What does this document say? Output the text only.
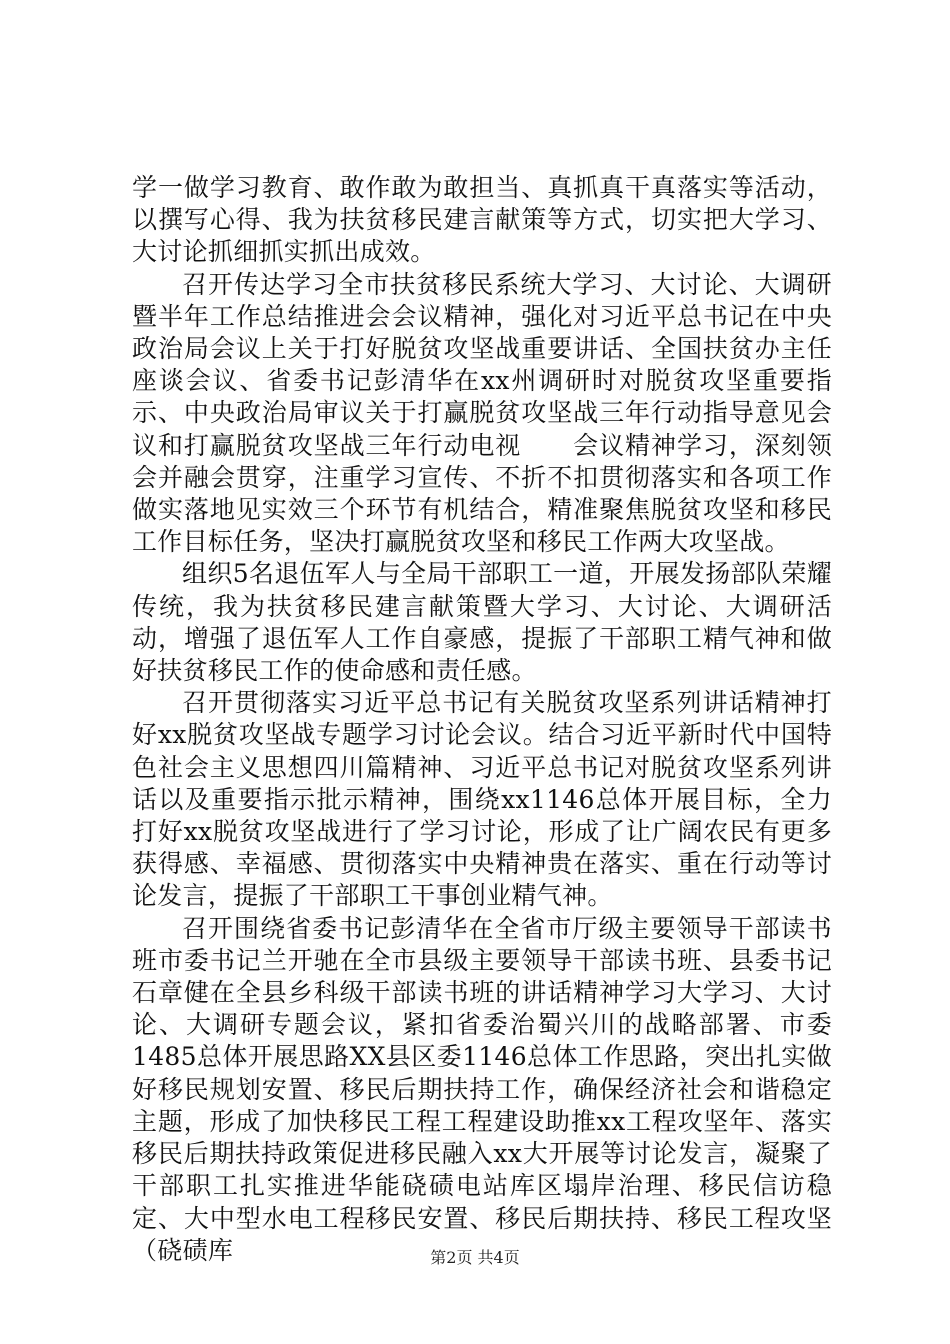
学一做学习教育、敢作敢为敢担当、真抓真干真落实等活动，以撰写心得、我为扶贫移民建言献策等方式，切实把大学习、大讨论抓细抓实抓出成效。

召开传达学习全市扶贫移民系统大学习、大讨论、大调研暨半年工作总结推进会会议精神，强化对习近平总书记在中央政治局会议上关于打好脱贫攻坚战重要讲话、全国扶贫办主任座谈会议、省委书记彭清华在xx州调研时对脱贫攻坚重要指示、中央政治局审议关于打赢脱贫攻坚战三年行动指导意见会议和打赢脱贫攻坚战三年行动电视　　会议精神学习，深刻领会并融会贯穿，注重学习宣传、不折不扣贯彻落实和各项工作做实落地见实效三个环节有机结合，精准聚焦脱贫攻坚和移民工作目标任务，坚决打赢脱贫攻坚和移民工作两大攻坚战。

组织5名退伍军人与全局干部职工一道，开展发扬部队荣耀传统，我为扶贫移民建言献策暨大学习、大讨论、大调研活动，增强了退伍军人工作自豪感，提振了干部职工精气神和做好扶贫移民工作的使命感和责任感。

召开贯彻落实习近平总书记有关脱贫攻坚系列讲话精神打好xx脱贫攻坚战专题学习讨论会议。结合习近平新时代中国特色社会主义思想四川篇精神、习近平总书记对脱贫攻坚系列讲话以及重要指示批示精神，围绕xx1146总体开展目标，全力打好xx脱贫攻坚战进行了学习讨论，形成了让广阔农民有更多获得感、幸福感、贯彻落实中央精神贵在落实、重在行动等讨论发言，提振了干部职工干事创业精气神。

召开围绕省委书记彭清华在全省市厅级主要领导干部读书班市委书记兰开驰在全市县级主要领导干部读书班、县委书记石章健在全县乡科级干部读书班的讲话精神学习大学习、大讨论、大调研专题会议，紧扣省委治蜀兴川的战略部署、市委1485总体开展思路XX县区委1146总体工作思路，突出扎实做好移民规划安置、移民后期扶持工作，确保经济社会和谐稳定主题，形成了加快移民工程工程建设助推xx工程攻坚年、落实移民后期扶持政策促进移民融入xx大开展等讨论发言，凝聚了干部职工扎实推进华能硗碛电站库区塌岸治理、移民信访稳定、大中型水电工程移民安置、移民后期扶持、移民工程攻坚（硗碛库	第2页 共4页
